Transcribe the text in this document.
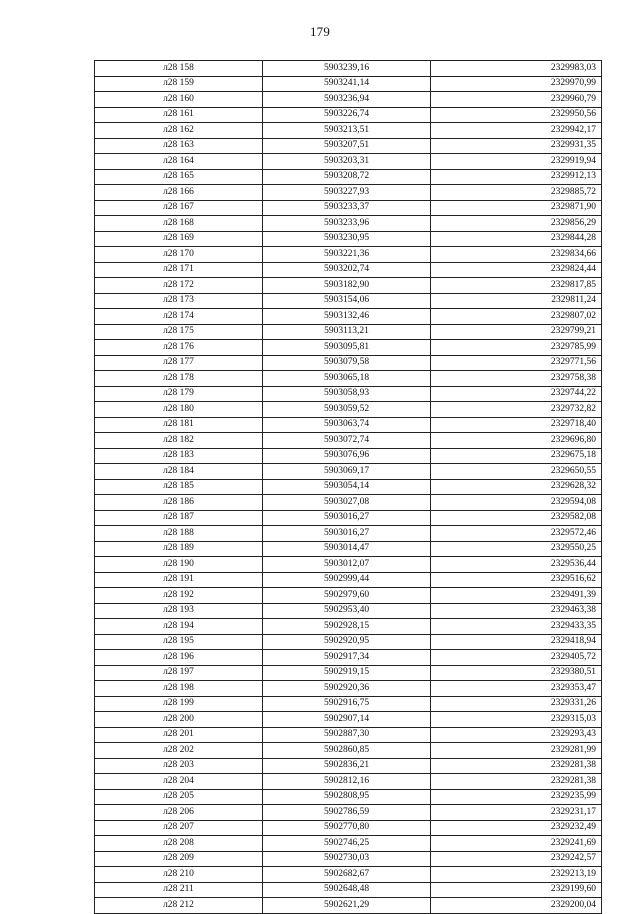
179
л28 158	5903239,16	2329983,03
л28 159	5903241,14	2329970,99
л28 160	5903236,94	2329960,79
л28 161	5903226,74	2329950,56
л28 162	5903213,51	2329942,17
л28 163	5903207,51	2329931,35
л28 164	5903203,31	2329919,94
л28 165	5903208,72	2329912,13
л28 166	5903227,93	2329885,72
л28 167	5903233,37	2329871,90
л28 168	5903233,96	2329856,29
л28 169	5903230,95	2329844,28
л28 170	5903221,36	2329834,66
л28 171	5903202,74	2329824,44
л28 172	5903182,90	2329817,85
л28 173	5903154,06	2329811,24
л28 174	5903132,46	2329807,02
л28 175	5903113,21	2329799,21
л28 176	5903095,81	2329785,99
л28 177	5903079,58	2329771,56
л28 178	5903065,18	2329758,38
л28 179	5903058,93	2329744,22
л28 180	5903059,52	2329732,82
л28 181	5903063,74	2329718,40
л28 182	5903072,74	2329696,80
л28 183	5903076,96	2329675,18
л28 184	5903069,17	2329650,55
л28 185	5903054,14	2329628,32
л28 186	5903027,08	2329594,08
л28 187	5903016,27	2329582,08
л28 188	5903016,27	2329572,46
л28 189	5903014,47	2329550,25
л28 190	5903012,07	2329536,44
л28 191	5902999,44	2329516,62
л28 192	5902979,60	2329491,39
л28 193	5902953,40	2329463,38
л28 194	5902928,15	2329433,35
л28 195	5902920,95	2329418,94
л28 196	5902917,34	2329405,72
л28 197	5902919,15	2329380,51
л28 198	5902920,36	2329353,47
л28 199	5902916,75	2329331,26
л28 200	5902907,14	2329315,03
л28 201	5902887,30	2329293,43
л28 202	5902860,85	2329281,99
л28 203	5902836,21	2329281,38
л28 204	5902812,16	2329281,38
л28 205	5902808,95	2329235,99
л28 206	5902786,59	2329231,17
л28 207	5902770,80	2329232,49
л28 208	5902746,25	2329241,69
л28 209	5902730,03	2329242,57
л28 210	5902682,67	2329213,19
л28 211	5902648,48	2329199,60
л28 212	5902621,29	2329200,04
